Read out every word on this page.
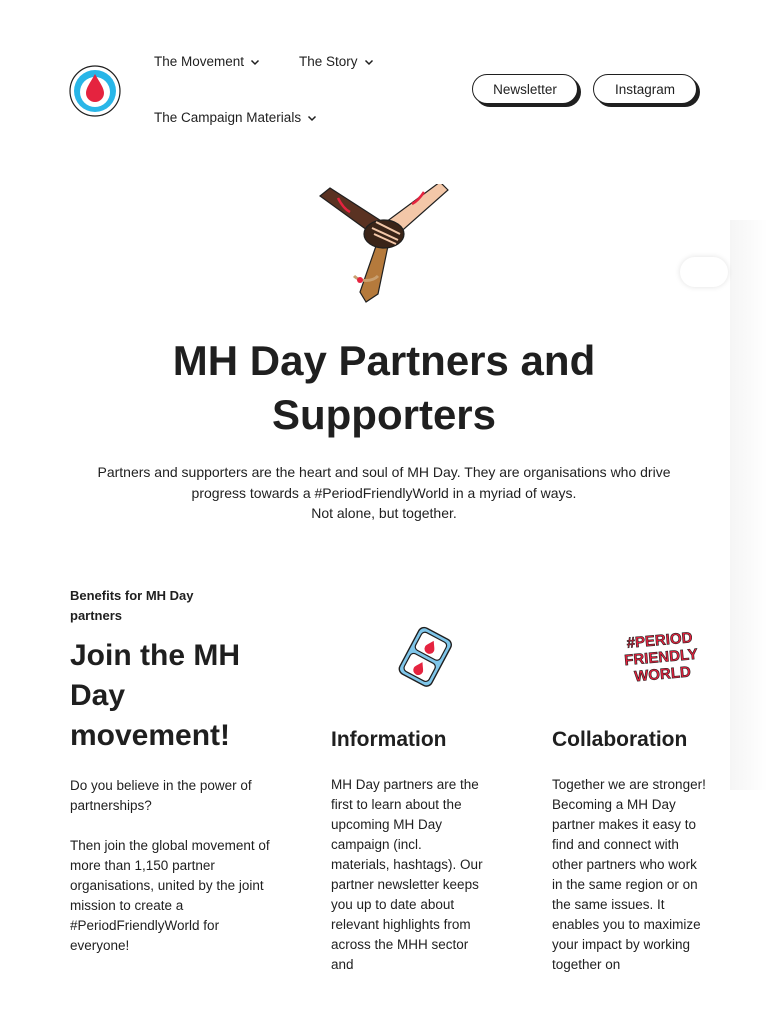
The Movement	The Story
The Campaign Materials
Newsletter	Instagram
MH Day Partners and Supporters

Partners and supporters are the heart and soul of MH Day. They are organisations who drive progress towards a #PeriodFriendlyWorld in a myriad of ways.
Not alone, but together.

Benefits for MH Day partners

Join the MH Day movement!

Do you believe in the power of partnerships?

Then join the global movement of more than 1,150 partner organisations, united by the joint mission to create a #PeriodFriendlyWorld for everyone!

Information

MH Day partners are the first to learn about the upcoming MH Day campaign (incl. materials, hashtags). Our partner newsletter keeps you up to date about relevant highlights from across the MHH sector and

#PERIOD
FRIENDLY
WORLD
Collaboration

Together we are stronger! Becoming a MH Day partner makes it easy to find and connect with other partners who work in the same region or on the same issues. It enables you to maximize your impact by working together on
